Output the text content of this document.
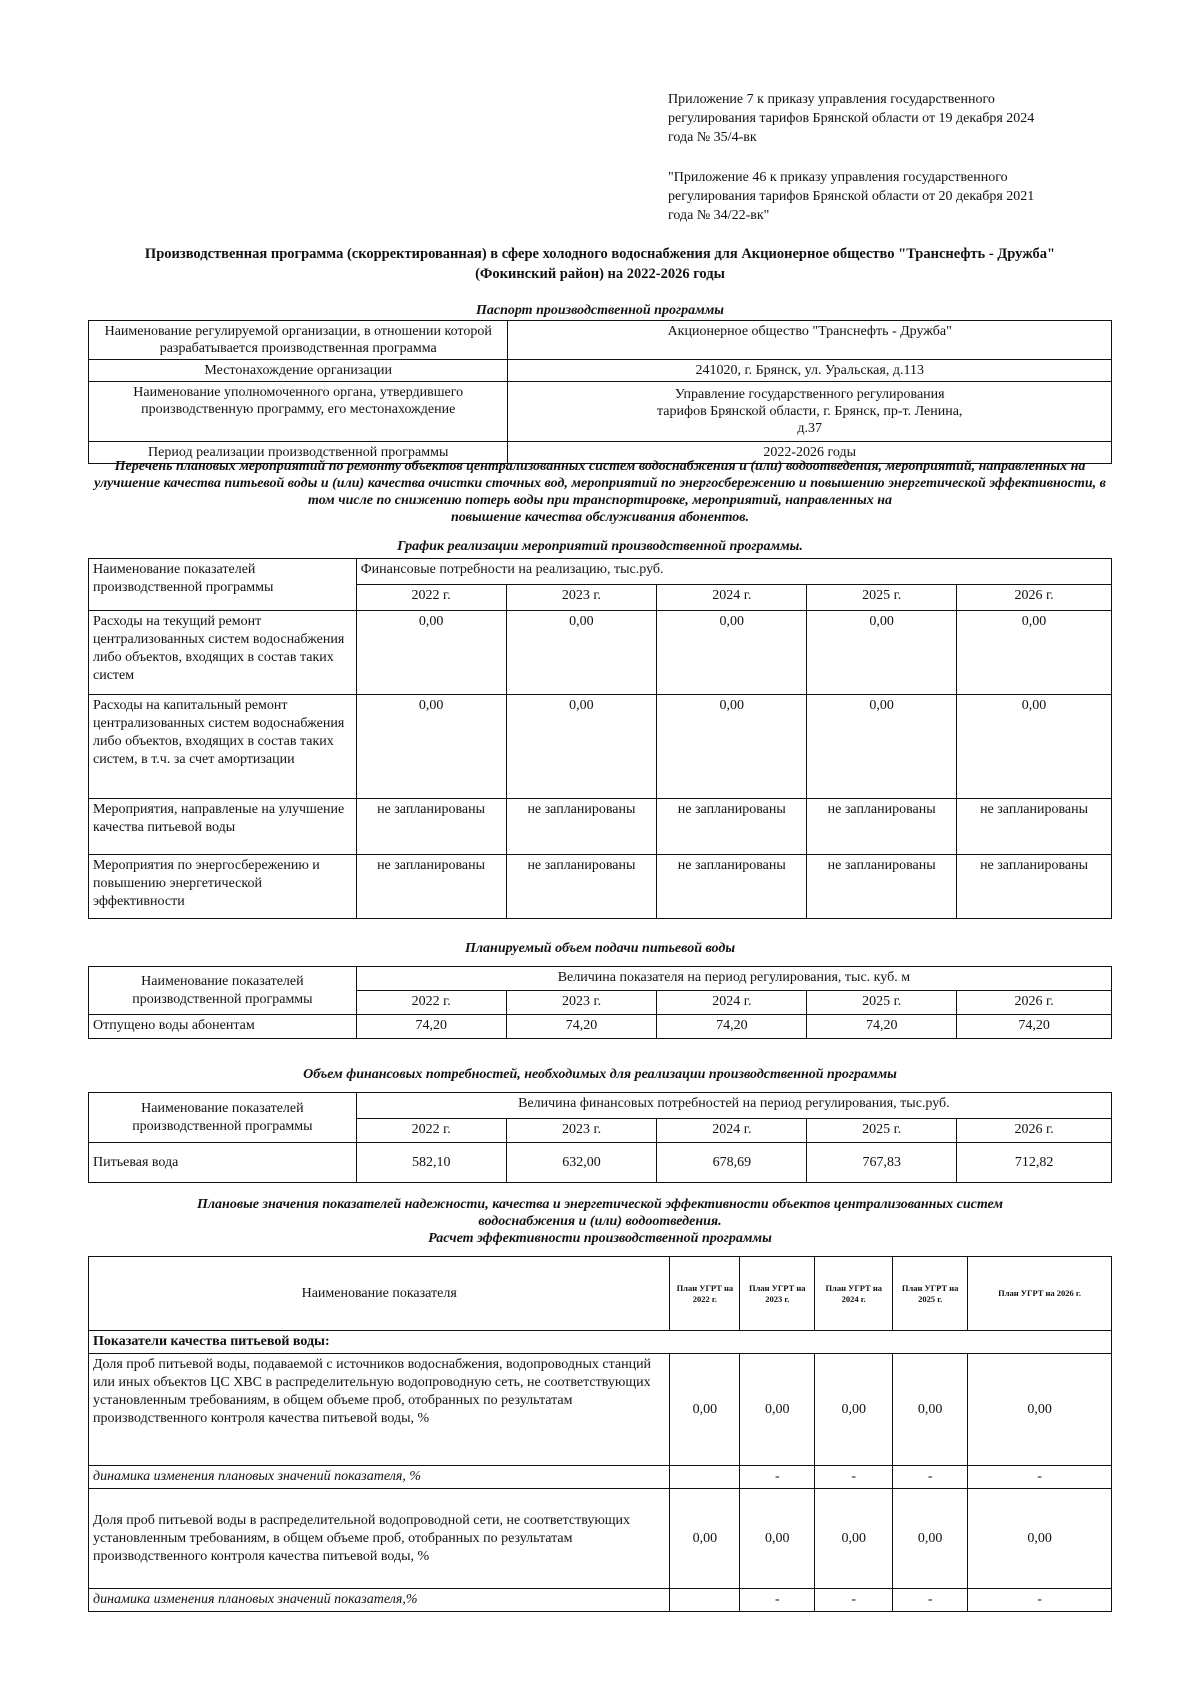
Приложение 7 к приказу управления государственного
регулирования тарифов Брянской области от 19 декабря 2024
года № 35/4-вк
"Приложение 46 к приказу управления государственного
регулирования тарифов Брянской области от 20 декабря 2021
года № 34/22-вк"
Производственная программа (скорректированная) в сфере холодного водоснабжения для Акционерное общество "Транснефть - Дружба"
(Фокинский район) на 2022-2026 годы
Паспорт производственной программы
Наименование регулируемой организации, в отношении которой разрабатывается производственная программа	Акционерное общество "Транснефть - Дружба"
Местонахождение организации	241020, г. Брянск, ул. Уральская, д.113
Наименование уполномоченного органа, утвердившего производственную программу, его местонахождение	Управление государственного регулирования тарифов Брянской области, г. Брянск, пр-т. Ленина, д.37
Период реализации производственной программы	2022-2026 годы
Перечень плановых мероприятий по ремонту объектов централизованных систем водоснабжения и (или) водоотведения, мероприятий, направленных на улучшение качества питьевой воды и (или) качества очистки сточных вод, мероприятий по энергосбережению и повышению энергетической эффективности, в том числе по снижению потерь воды при транспортировке, мероприятий, направленных на
повышение качества обслуживания абонентов.
График реализации мероприятий производственной программы.
Наименование показателей производственной программы	Финансовые потребности на реализацию, тыс.руб.				
	2022 г.	2023 г.	2024 г.	2025 г.	2026 г.
Расходы на текущий ремонт централизованных систем водоснабжения либо объектов, входящих в состав таких систем	0,00	0,00	0,00	0,00	0,00
Расходы на капитальный ремонт централизованных систем водоснабжения либо объектов, входящих в состав таких систем, в т.ч. за счет амортизации	0,00	0,00	0,00	0,00	0,00
Мероприятия, направленые на улучшение качества питьевой воды	не запланированы	не запланированы	не запланированы	не запланированы	не запланированы
Мероприятия по энергосбережению и повышению энергетической эффективности	не запланированы	не запланированы	не запланированы	не запланированы	не запланированы
Планируемый объем подачи питьевой воды
Наименование показателей производственной программы	Величина показателя на период регулирования, тыс. куб. м				
	2022 г.	2023 г.	2024 г.	2025 г.	2026 г.
Отпущено воды абонентам	74,20	74,20	74,20	74,20	74,20
Объем финансовых потребностей, необходимых для реализации производственной программы
Наименование показателей производственной программы	Величина финансовых потребностей на период регулирования, тыс.руб.				
	2022 г.	2023 г.	2024 г.	2025 г.	2026 г.
Питьевая вода	582,10	632,00	678,69	767,83	712,82
Плановые значения показателей надежности, качества и энергетической эффективности объектов централизованных систем
водоснабжения и (или) водоотведения.
Расчет эффективности производственной программы
Наименование показателя	План УГРТ на 2022 г.	План УГРТ на 2023 г.	План УГРТ на 2024 г.	План УГРТ на 2025 г.	План УГРТ на 2026 г.
Показатели качества питьевой воды:					
Доля проб питьевой воды, подаваемой с источников водоснабжения, водопроводных станций или иных объектов ЦС ХВС в распределительную водопроводную сеть, не соответствующих установленным требованиям, в общем объеме проб, отобранных по результатам производственного контроля качества питьевой воды, %	0,00	0,00	0,00	0,00	0,00
динамика изменения плановых значений показателя, %		-	-	-	-
Доля проб питьевой воды в распределительной водопроводной сети, не соответствующих установленным требованиям, в общем объеме проб, отобранных по результатам производственного контроля качества питьевой воды, %	0,00	0,00	0,00	0,00	0,00
динамика изменения плановых значений показателя,%		-	-	-	-
